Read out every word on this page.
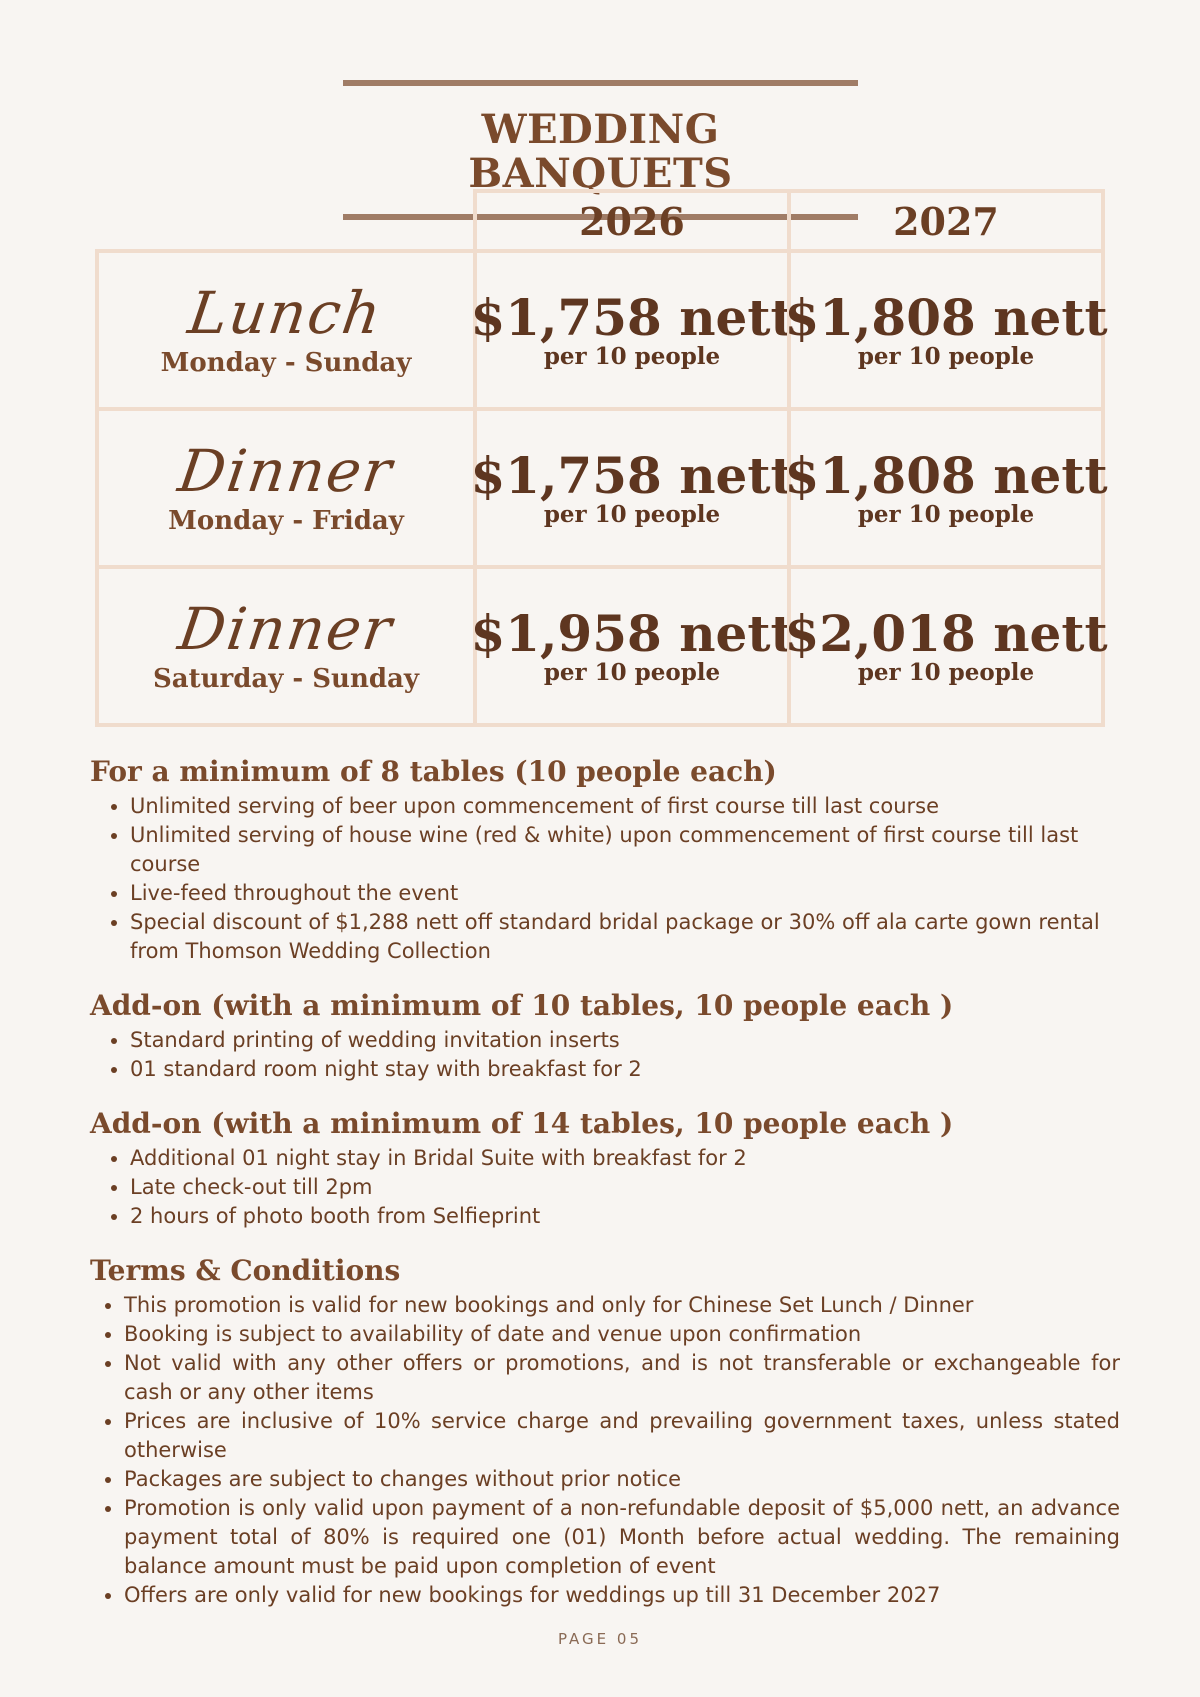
WEDDING BANQUETS
2026	2027
Lunch
Monday - Sunday
$1,758 nett
per 10 people
$1,808 nett
per 10 people
Dinner
Monday - Friday
$1,758 nett
per 10 people
$1,808 nett
per 10 people
Dinner
Saturday - Sunday
$1,958 nett
per 10 people
$2,018 nett
per 10 people
For a minimum of 8 tables (10 people each)
• Unlimited serving of beer upon commencement of first course till last course
• Unlimited serving of house wine (red & white) upon commencement of first course till last course
• Live-feed throughout the event
• Special discount of $1,288 nett off standard bridal package or 30% off ala carte gown rental from Thomson Wedding Collection
Add-on (with a minimum of 10 tables, 10 people each )
• Standard printing of wedding invitation inserts
• 01 standard room night stay with breakfast for 2
Add-on (with a minimum of 14 tables, 10 people each )
• Additional 01 night stay in Bridal Suite with breakfast for 2
• Late check-out till 2pm
• 2 hours of photo booth from Selfieprint
Terms & Conditions
• This promotion is valid for new bookings and only for Chinese Set Lunch / Dinner
• Booking is subject to availability of date and venue upon confirmation
• Not valid with any other offers or promotions, and is not transferable or exchangeable for cash or any other items
• Prices are inclusive of 10% service charge and prevailing government taxes, unless stated otherwise
• Packages are subject to changes without prior notice
• Promotion is only valid upon payment of a non-refundable deposit of $5,000 nett, an advance payment total of 80% is required one (01) Month before actual wedding. The remaining balance amount must be paid upon completion of event
• Offers are only valid for new bookings for weddings up till 31 December 2027
PAGE 05
